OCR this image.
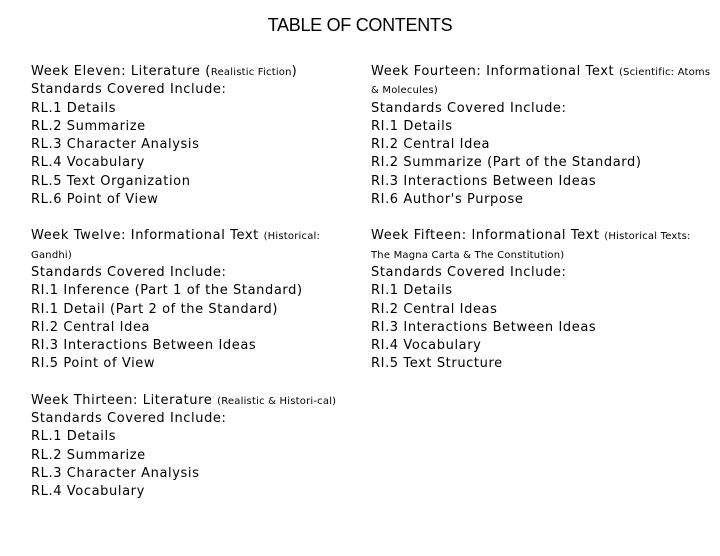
TABLE OF CONTENTS

Week Eleven: Literature (Realistic Fiction)

Standards Covered Include:

RL.1 Details

RL.2 Summarize

RL.3 Character Analysis

RL.4 Vocabulary

RL.5 Text Organization

RL.6 Point of View

Week Twelve: Informational Text (Historical: Gandhi)

Standards Covered Include:

RI.1 Inference (Part 1 of the Standard)

RI.1 Detail (Part 2 of the Standard)

RI.2 Central Idea

RI.3 Interactions Between Ideas

RI.5 Point of View

Week Thirteen: Literature (Realistic & Histori-cal)

Standards Covered Include:

RL.1 Details

RL.2 Summarize

RL.3 Character Analysis

RL.4 Vocabulary

Week Fourteen: Informational Text (Scientific: Atoms & Molecules)

Standards Covered Include:

RI.1 Details

RI.2 Central Idea

RI.2 Summarize (Part of the Standard)

RI.3 Interactions Between Ideas

RI.6 Author's Purpose

Week Fifteen: Informational Text (Historical Texts: The Magna Carta & The Constitution)

Standards Covered Include:

RI.1 Details

RI.2 Central Ideas

RI.3 Interactions Between Ideas

RI.4 Vocabulary

RI.5 Text Structure
